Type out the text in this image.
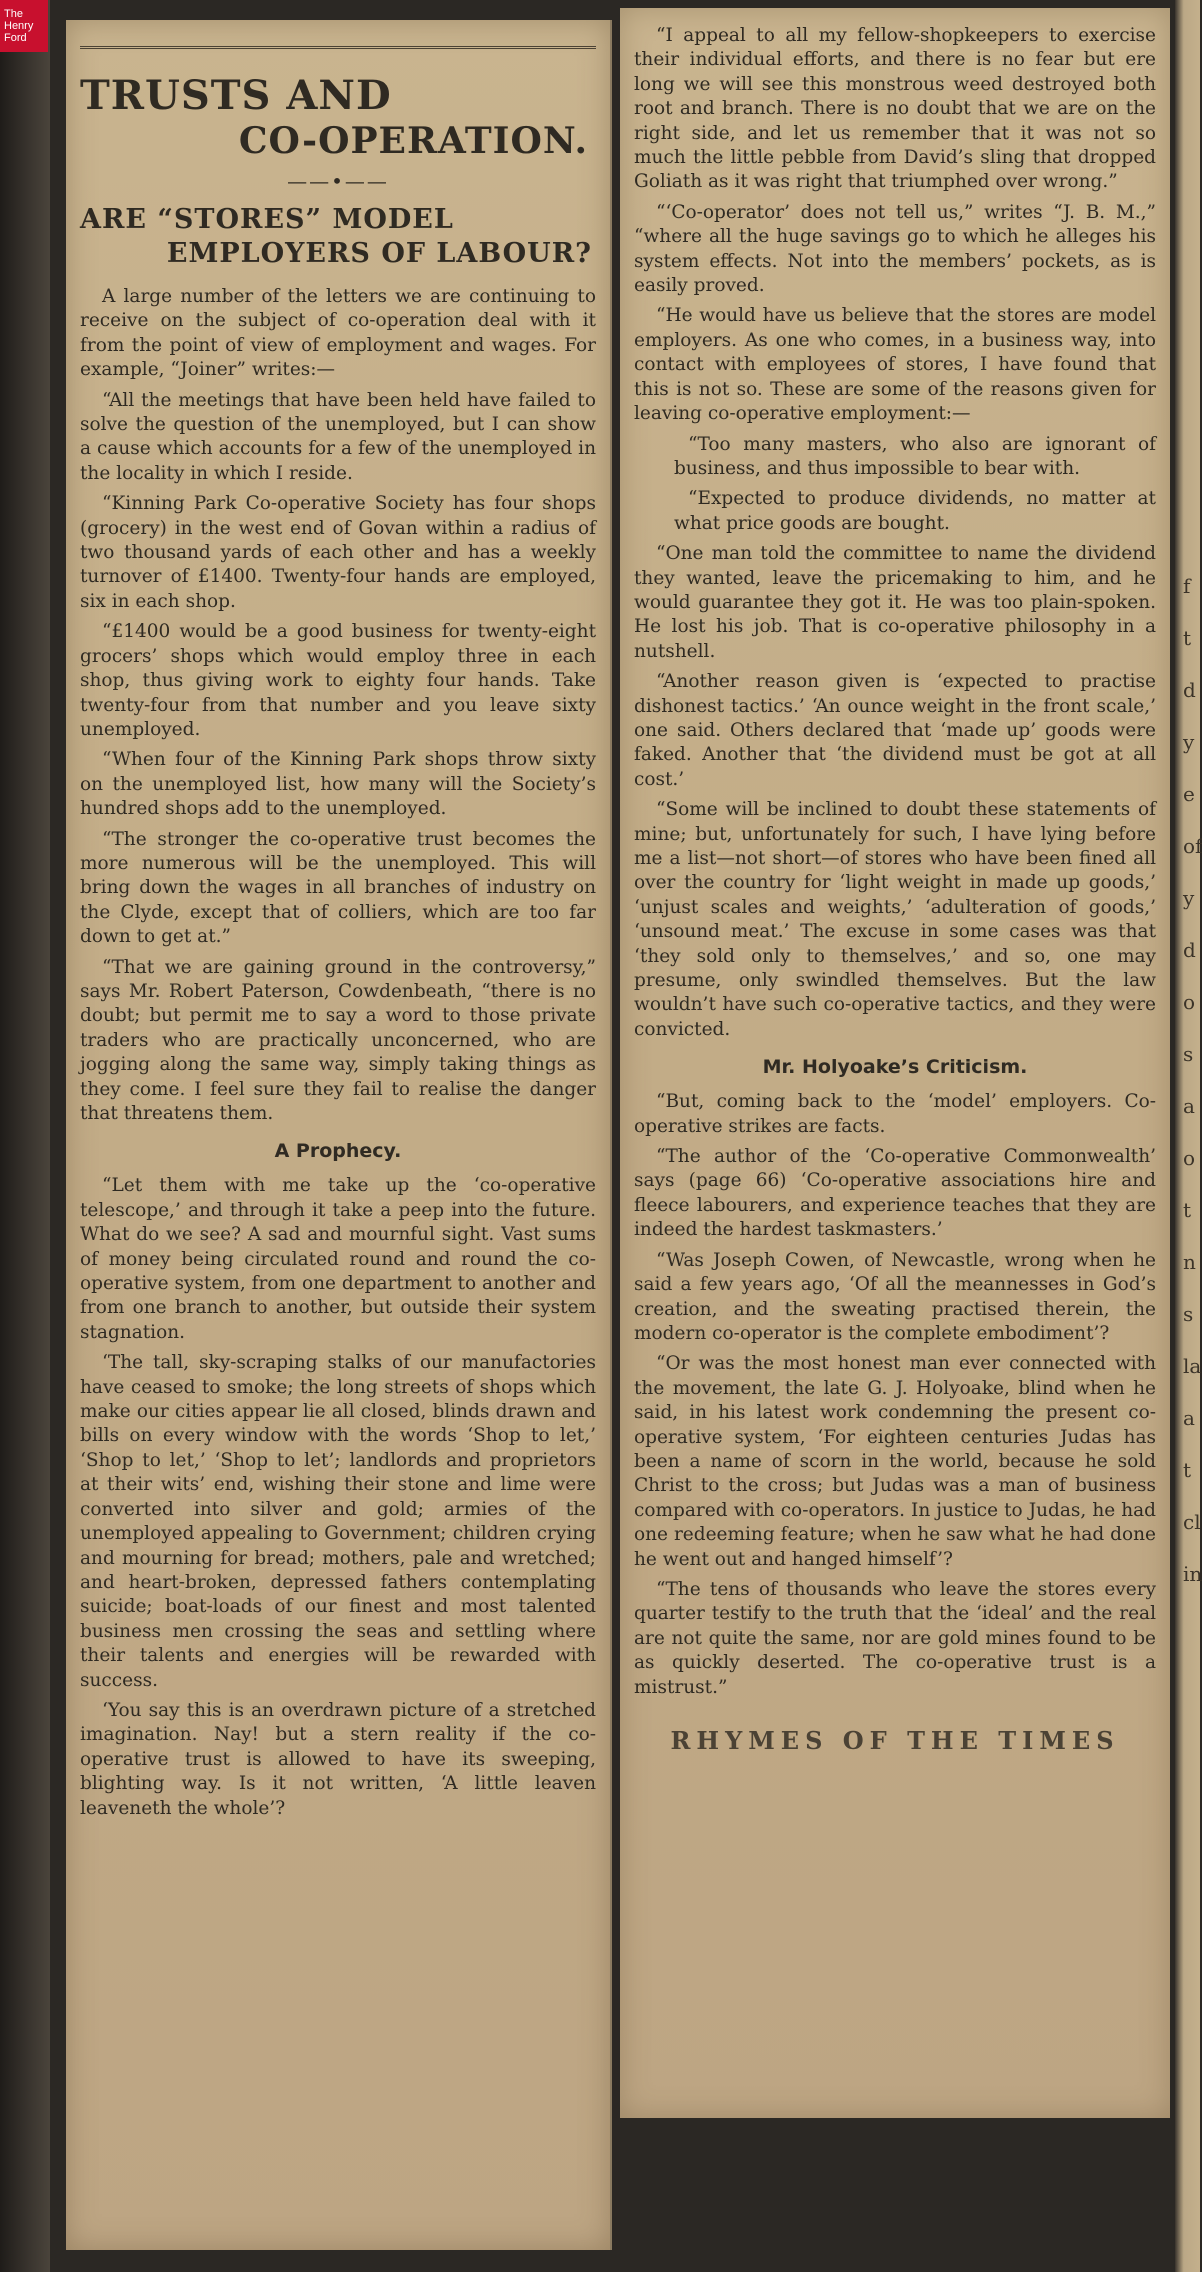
The
Henry
Ford
TRUSTS AND
CO-OPERATION.
——•——
ARE “STORES” MODEL
EMPLOYERS OF LABOUR?

A large number of the letters we are continuing to receive on the subject of co-operation deal with it from the point of view of employment and wages. For example, “Joiner” writes:—

“All the meetings that have been held have failed to solve the question of the unemployed, but I can show a cause which accounts for a few of the unemployed in the locality in which I reside.

“Kinning Park Co-operative Society has four shops (grocery) in the west end of Govan within a radius of two thousand yards of each other and has a weekly turnover of £1400. Twenty-four hands are employed, six in each shop.

“£1400 would be a good business for twenty-eight grocers’ shops which would employ three in each shop, thus giving work to eighty four hands. Take twenty-four from that number and you leave sixty unemployed.

“When four of the Kinning Park shops throw sixty on the unemployed list, how many will the Society’s hundred shops add to the unemployed.

“The stronger the co-operative trust becomes the more numerous will be the unemployed. This will bring down the wages in all branches of industry on the Clyde, except that of colliers, which are too far down to get at.”

“That we are gaining ground in the controversy,” says Mr. Robert Paterson, Cowdenbeath, “there is no doubt; but permit me to say a word to those private traders who are practically unconcerned, who are jogging along the same way, simply taking things as they come. I feel sure they fail to realise the danger that threatens them.

A Prophecy.

“Let them with me take up the ‘co-operative telescope,’ and through it take a peep into the future. What do we see? A sad and mournful sight. Vast sums of money being circulated round and round the co-operative system, from one department to another and from one branch to another, but outside their system stagnation.

‘The tall, sky-scraping stalks of our manufactories have ceased to smoke; the long streets of shops which make our cities appear lie all closed, blinds drawn and bills on every window with the words ‘Shop to let,’ ‘Shop to let,’ ‘Shop to let’; landlords and proprietors at their wits’ end, wishing their stone and lime were converted into silver and gold; armies of the unemployed appealing to Government; children crying and mourning for bread; mothers, pale and wretched; and heart-broken, depressed fathers contemplating suicide; boat-loads of our finest and most talented business men crossing the seas and settling where their talents and energies will be rewarded with success.

‘You say this is an overdrawn picture of a stretched imagination. Nay! but a stern reality if the co-operative trust is allowed to have its sweeping, blighting way. Is it not written, ‘A little leaven leaveneth the whole’?

“I appeal to all my fellow-shopkeepers to exercise their individual efforts, and there is no fear but ere long we will see this monstrous weed destroyed both root and branch. There is no doubt that we are on the right side, and let us remember that it was not so much the little pebble from David’s sling that dropped Goliath as it was right that triumphed over wrong.”

“‘Co-operator’ does not tell us,” writes “J. B. M.,” “where all the huge savings go to which he alleges his system effects. Not into the members’ pockets, as is easily proved.

“He would have us believe that the stores are model employers. As one who comes, in a business way, into contact with employees of stores, I have found that this is not so. These are some of the reasons given for leaving co-operative employment:—

“Too many masters, who also are ignorant of business, and thus impossible to bear with.

“Expected to produce dividends, no matter at what price goods are bought.

“One man told the committee to name the dividend they wanted, leave the pricemaking to him, and he would guarantee they got it. He was too plain-spoken. He lost his job. That is co-operative philosophy in a nutshell.

“Another reason given is ‘expected to practise dishonest tactics.’ ‘An ounce weight in the front scale,’ one said. Others declared that ‘made up’ goods were faked. Another that ‘the dividend must be got at all cost.’

“Some will be inclined to doubt these statements of mine; but, unfortunately for such, I have lying before me a list—not short—of stores who have been fined all over the country for ‘light weight in made up goods,’ ‘unjust scales and weights,’ ‘adulteration of goods,’ ‘unsound meat.’ The excuse in some cases was that ‘they sold only to themselves,’ and so, one may presume, only swindled themselves. But the law wouldn’t have such co-operative tactics, and they were convicted.

Mr. Holyoake’s Criticism.

“But, coming back to the ‘model’ employers. Co-operative strikes are facts.

“The author of the ‘Co-operative Commonwealth’ says (page 66) ‘Co-operative associations hire and fleece labourers, and experience teaches that they are indeed the hardest taskmasters.’

“Was Joseph Cowen, of Newcastle, wrong when he said a few years ago, ‘Of all the meannesses in God’s creation, and the sweating practised therein, the modern co-operator is the complete embodiment’?

“Or was the most honest man ever connected with the movement, the late G. J. Holyoake, blind when he said, in his latest work condemning the present co-operative system, ‘For eighteen centuries Judas has been a name of scorn in the world, because he sold Christ to the cross; but Judas was a man of business compared with co-operators. In justice to Judas, he had one redeeming feature; when he saw what he had done he went out and hanged himself’?

“The tens of thousands who leave the stores every quarter testify to the truth that the ‘ideal’ and the real are not quite the same, nor are gold mines found to be as quickly deserted. The co-operative trust is a mistrust.”

RHYMES OF THE TIMES
f
t
d
y
e
of
y
d
o
s
a
o
t
n
s
la
a
t
cl
in
